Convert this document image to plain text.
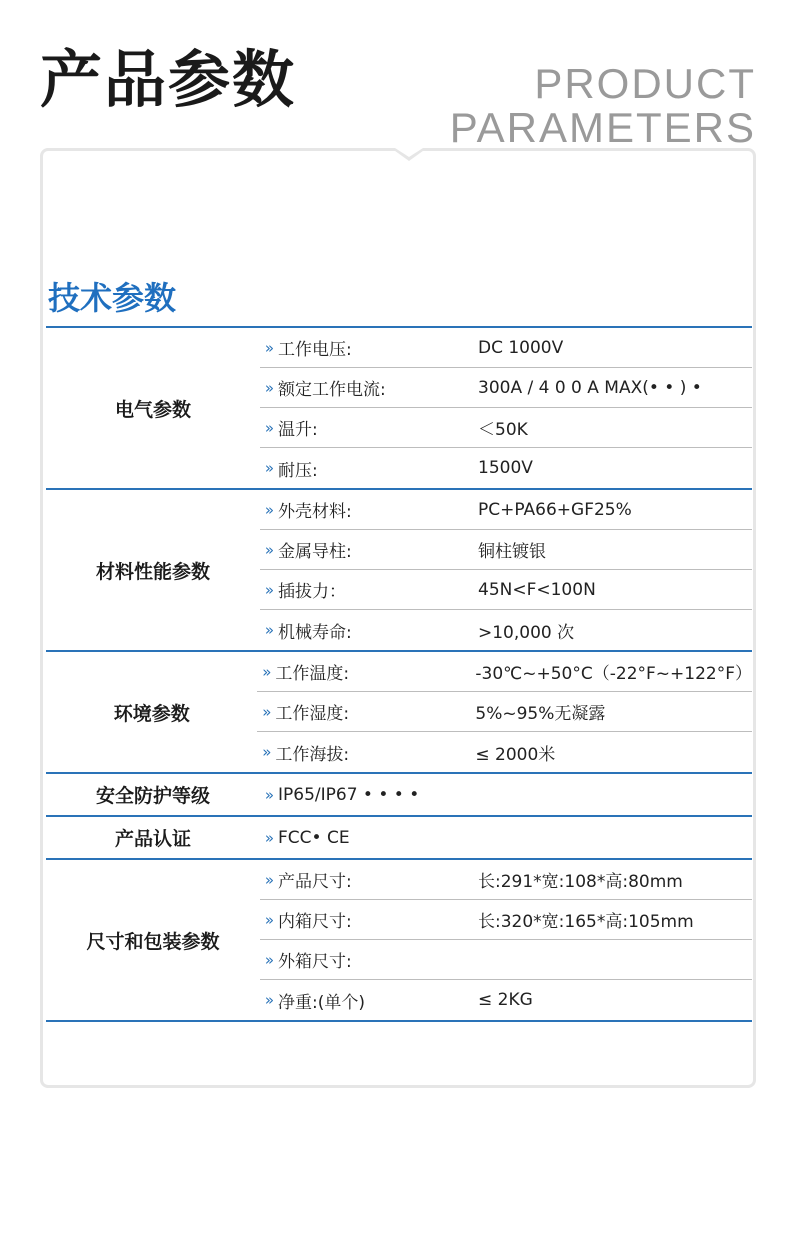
产品参数	PRODUCT
PARAMETERS
技术参数
电气参数
» 工作电压:	DC 1000V
» 额定工作电流:	300A / 4 0 0 A MAX(• • ) •
» 温升:	＜50K
» 耐压:	1500V
材料性能参数
» 外壳材料:	PC+PA66+GF25%
» 金属导柱:	铜柱镀银
» 插拔力：	45N<F<100N
» 机械寿命:	>10,000 次
环境参数
» 工作温度:	-30℃~+50°C（-22°F~+122°F）
» 工作湿度:	5%~95%无凝露
» 工作海拔:	≤ 2000米
安全防护等级	» IP65/IP67 • • • •
产品认证	» FCC• CE
尺寸和包装参数
» 产品尺寸:	长:291*宽:108*高:80mm
» 内箱尺寸:	长:320*宽:165*高:105mm
» 外箱尺寸:
» 净重:(单个)	≤ 2KG
